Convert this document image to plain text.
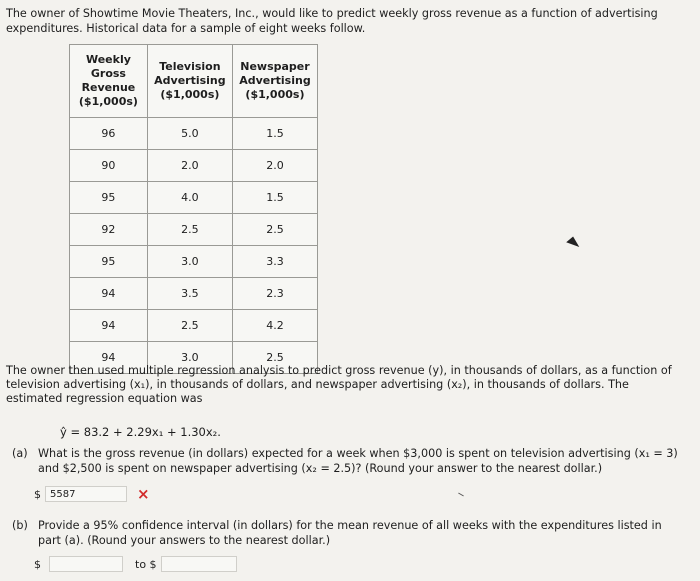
The owner of Showtime Movie Theaters, Inc., would like to predict weekly gross revenue as a function of advertising expenditures. Historical data for a sample of eight weeks follow.
Weekly
Gross
Revenue
($1,000s)	Television
Advertising
($1,000s)	Newspaper
Advertising
($1,000s)
96	5.0	1.5
90	2.0	2.0
95	4.0	1.5
92	2.5	2.5
95	3.0	3.3
94	3.5	2.3
94	2.5	4.2
94	3.0	2.5
The owner then used multiple regression analysis to predict gross revenue (y), in thousands of dollars, as a function of television advertising (x₁), in thousands of dollars, and newspaper advertising (x₂), in thousands of dollars. The estimated regression equation was
ŷ = 83.2 + 2.29x₁ + 1.30x₂.
(a) What is the gross revenue (in dollars) expected for a week when $3,000 is spent on television advertising (x₁ = 3) and $2,500 is spent on newspaper advertising (x₂ = 2.5)? (Round your answer to the nearest dollar.)
$ 5587	×
(b) Provide a 95% confidence interval (in dollars) for the mean revenue of all weeks with the expenditures listed in part (a). (Round your answers to the nearest dollar.)
$	to $
